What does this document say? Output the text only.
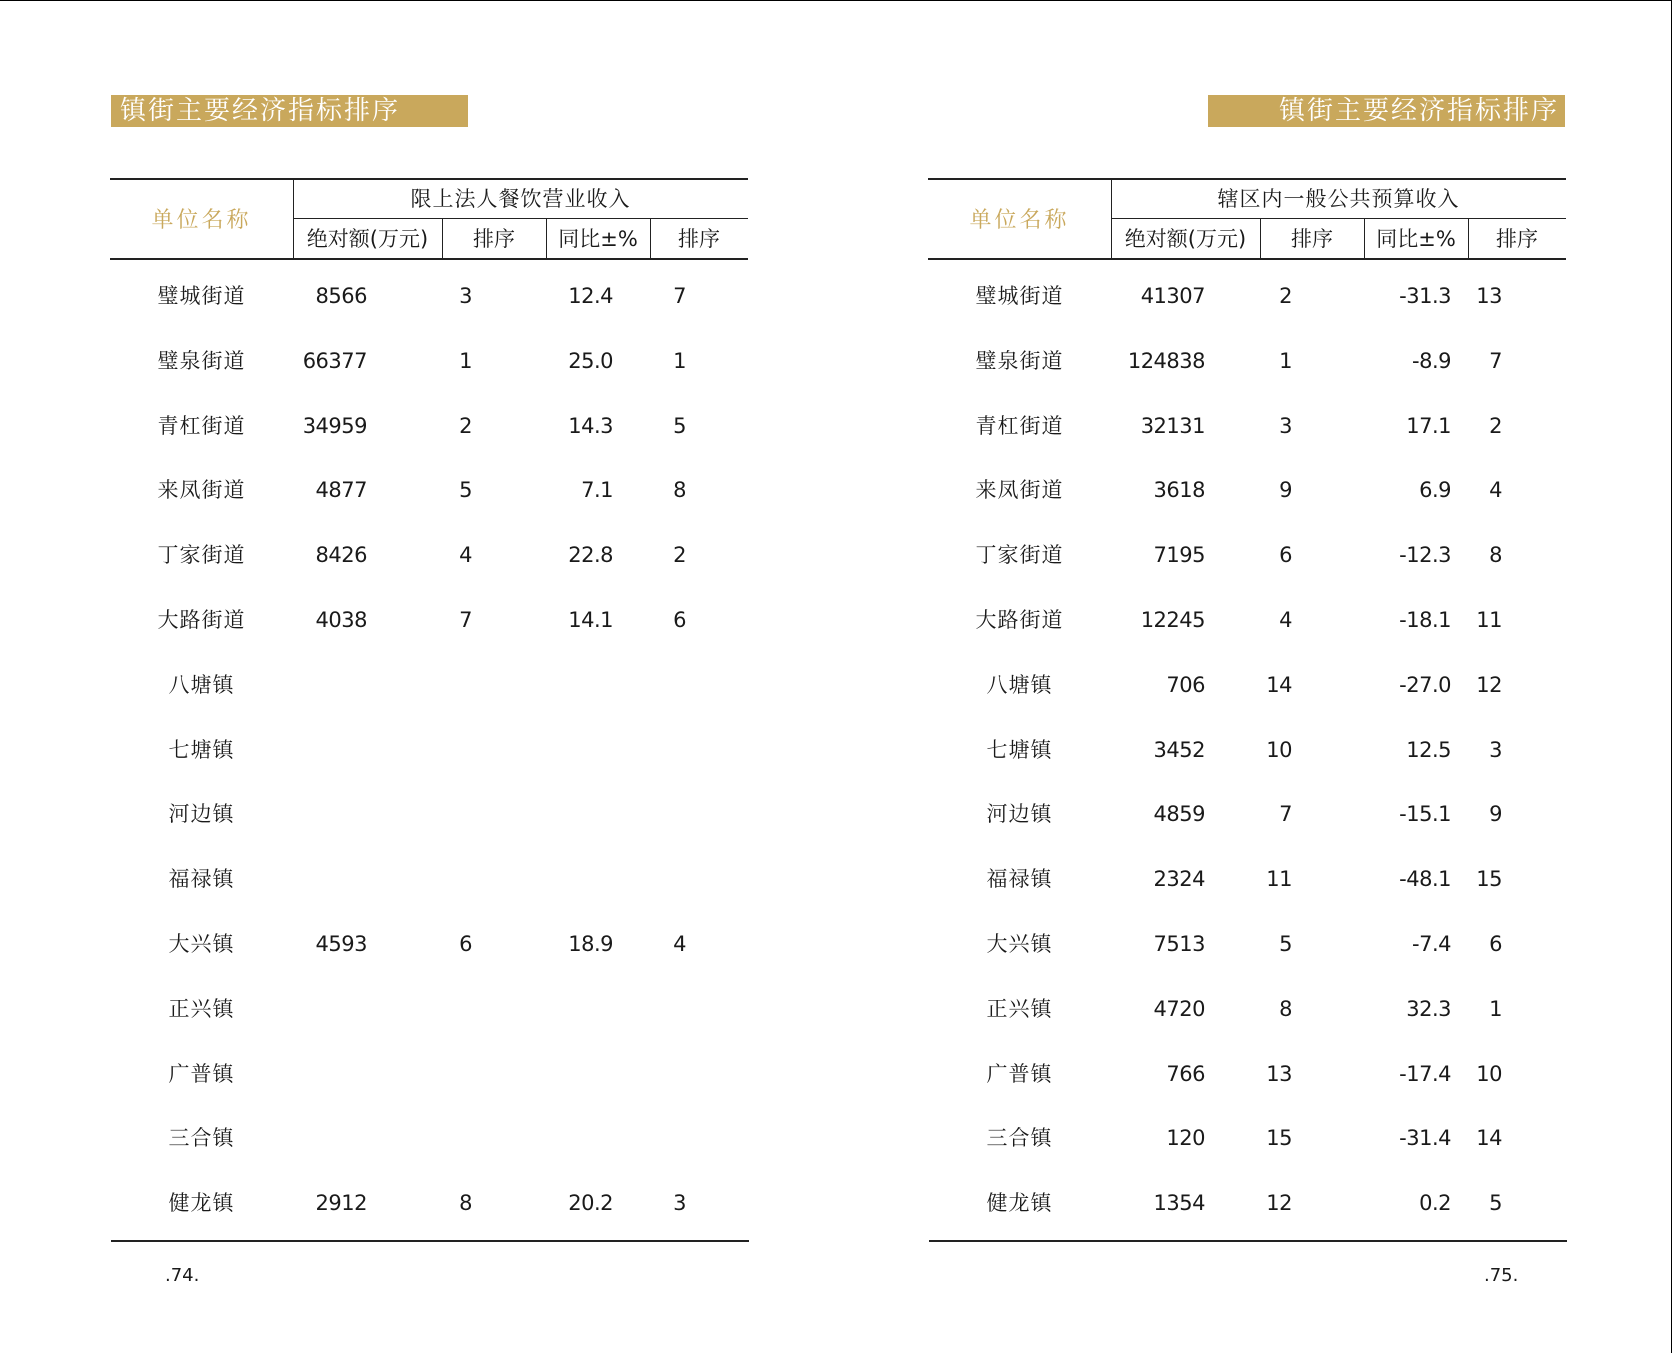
镇街主要经济指标排序
单位名称
限上法人餐饮营业收入
绝对额(万元)	排序	同比±%	排序
璧城街道	8566	3	12.4	7
璧泉街道	66377	1	25.0	1
青杠街道	34959	2	14.3	5
来凤街道	4877	5	7.1	8
丁家街道	8426	4	22.8	2
大路街道	4038	7	14.1	6
八塘镇
七塘镇
河边镇
福禄镇
大兴镇	4593	6	18.9	4
正兴镇
广普镇
三合镇
健龙镇	2912	8	20.2	3
.74.
镇街主要经济指标排序
单位名称
辖区内一般公共预算收入
绝对额(万元)	排序	同比±%	排序
璧城街道	41307	2	-31.3	13
璧泉街道	124838	1	-8.9	7
青杠街道	32131	3	17.1	2
来凤街道	3618	9	6.9	4
丁家街道	7195	6	-12.3	8
大路街道	12245	4	-18.1	11
八塘镇	706	14	-27.0	12
七塘镇	3452	10	12.5	3
河边镇	4859	7	-15.1	9
福禄镇	2324	11	-48.1	15
大兴镇	7513	5	-7.4	6
正兴镇	4720	8	32.3	1
广普镇	766	13	-17.4	10
三合镇	120	15	-31.4	14
健龙镇	1354	12	0.2	5
.75.
